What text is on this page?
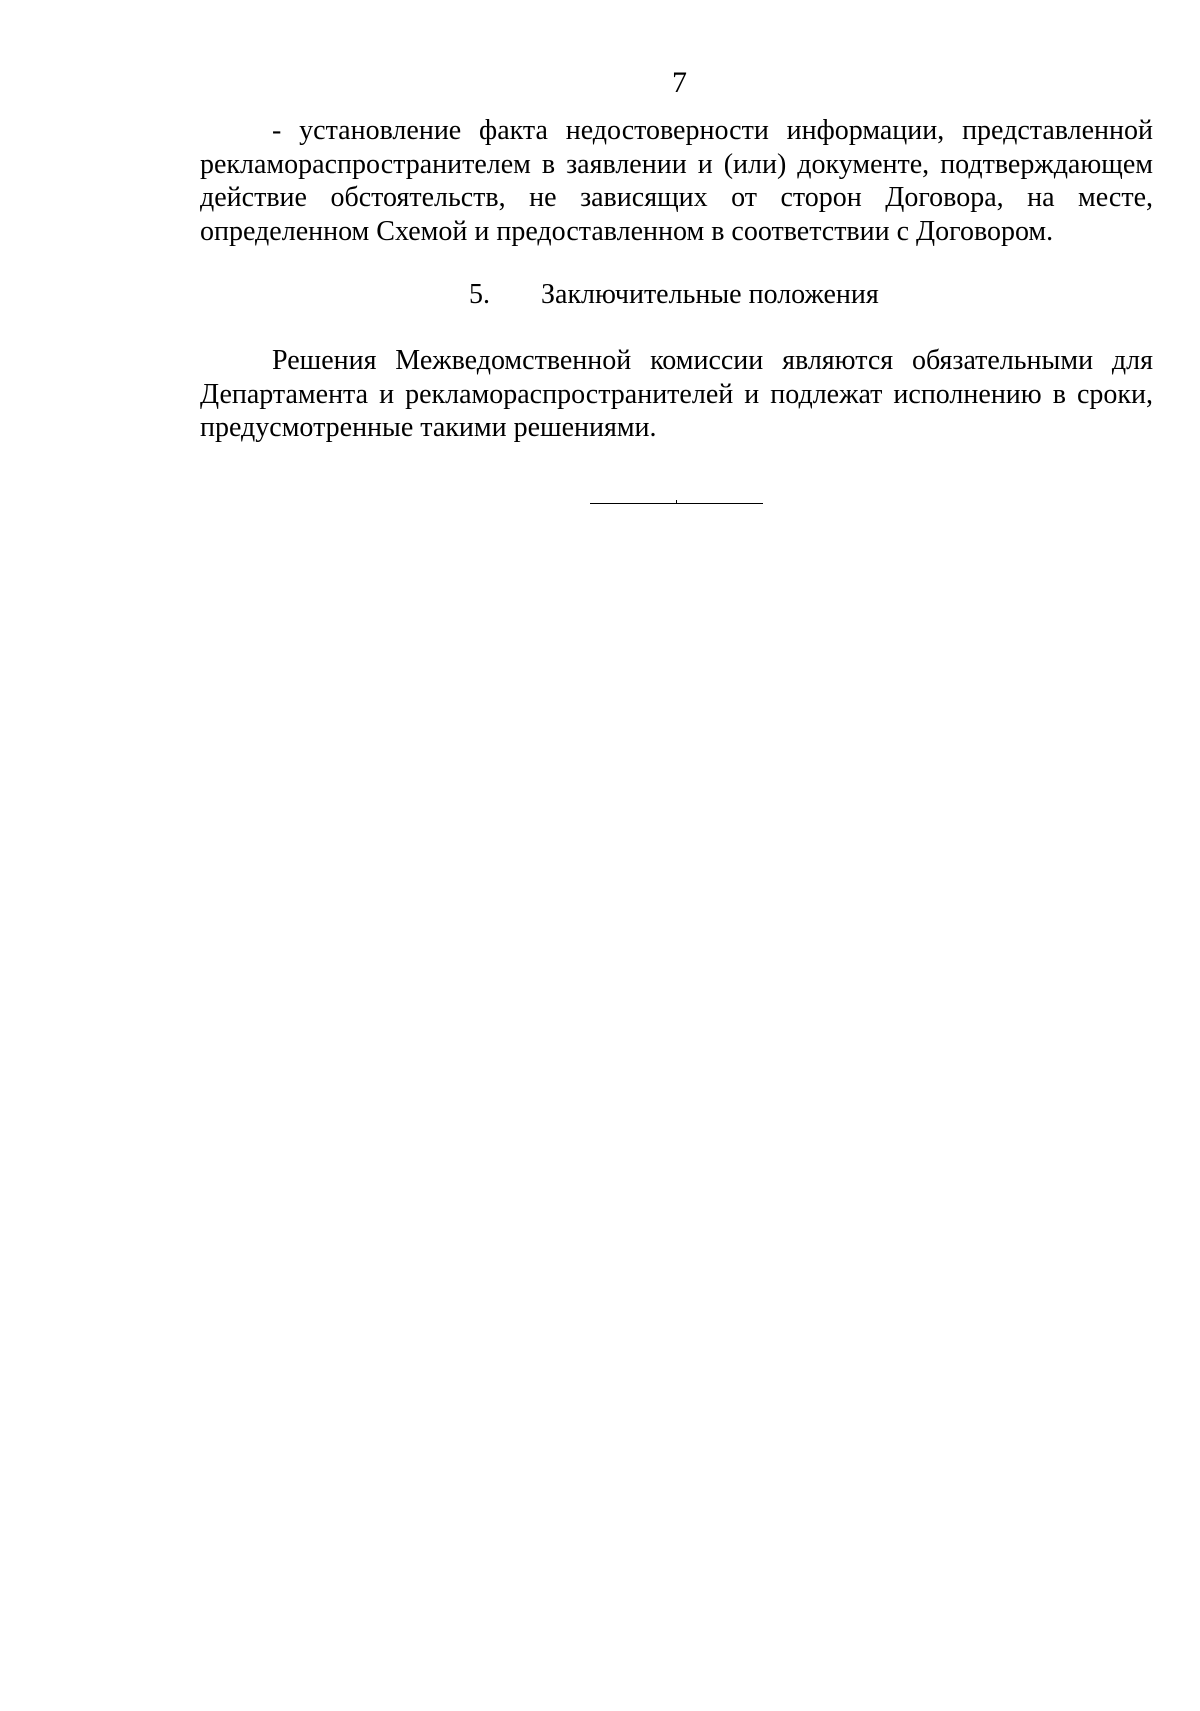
7
- установление факта недостоверности информации, представленной
рекламораспространителем в заявлении и (или) документе, подтверждающем
действие обстоятельств, не зависящих от сторон Договора, на месте,
определенном Схемой и предоставленном в соответствии с Договором.
5. Заключительные положения
Решения Межведомственной комиссии являются обязательными для
Департамента и рекламораспространителей и подлежат исполнению в сроки,
предусмотренные такими решениями.
